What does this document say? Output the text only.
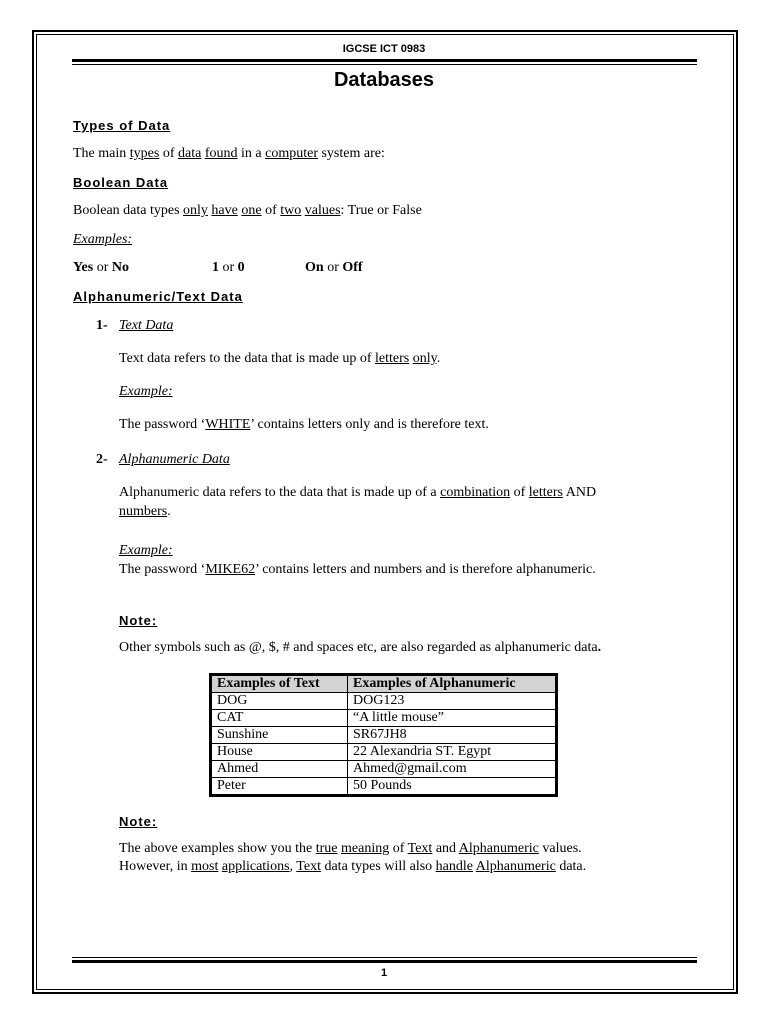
IGCSE ICT 0983
Databases
Types of Data
The main types of data found in a computer system are:
Boolean Data
Boolean data types only have one of two values: True or False
Examples:
Yes or No	1 or 0	On or Off
Alphanumeric/Text Data
1- Text Data
Text data refers to the data that is made up of letters only.
Example:
The password ‘WHITE’ contains letters only and is therefore text.
2- Alphanumeric Data
Alphanumeric data refers to the data that is made up of a combination of letters AND
numbers.
Example:
The password ‘MIKE62’ contains letters and numbers and is therefore alphanumeric.
Note:
Other symbols such as @, $, # and spaces etc, are also regarded as alphanumeric data.
Examples of Text	Examples of Alphanumeric
DOG	DOG123
CAT	“A little mouse”
Sunshine	SR67JH8
House	22 Alexandria ST. Egypt
Ahmed	Ahmed@gmail.com
Peter	50 Pounds
Note:
The above examples show you the true meaning of Text and Alphanumeric values.
However, in most applications, Text data types will also handle Alphanumeric data.
1
